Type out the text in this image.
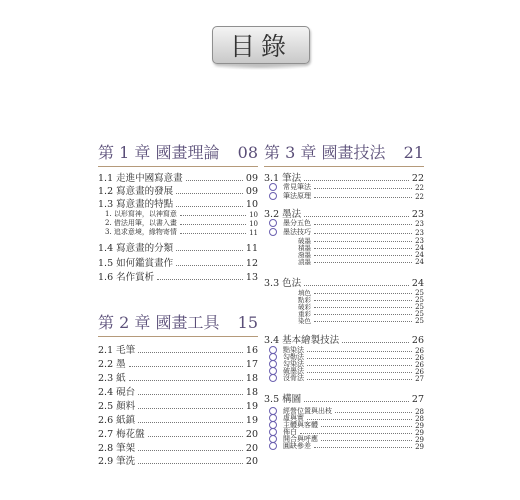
目錄
第 1 章 國畫理論 08
1.1 走進中國寫意畫	09
1.2 寫意畫的發展	09
1.3 寫意畫的特點	10
1. 以形寫神，以神寫意	10
2. 借法用筆，以書入畫	10
3. 追求意境，緣物寄情	11
1.4 寫意畫的分類	11
1.5 如何鑑賞畫作	12
1.6 名作賞析	13
第 2 章 國畫工具 15
2.1 毛筆	16
2.2 墨	17
2.3 紙	18
2.4 硯台	18
2.5 顏料	19
2.6 紙鎮	19
2.7 梅花盤	20
2.8 筆架	20
2.9 筆洗	20
第 3 章 國畫技法 21
3.1 筆法	22
常見筆法	22
筆法原理	22
3.2 墨法	23
墨分五色	23
墨法技巧	23
破墨	23
積墨	24
潑墨	24
漬墨	24
3.3 色法	24
填色	25
點彩	25
破彩	25
重彩	25
染色	25
3.4 基本繪製技法	26
點染法	26
勾勒法	26
勾染法	26
破墨法	26
沒骨法	27
3.5 構圖	27
經營位置與出枝	28
虛與實	28
主體與客體	29
佈白	29
開合與呼應	29
圓缺參差	29
